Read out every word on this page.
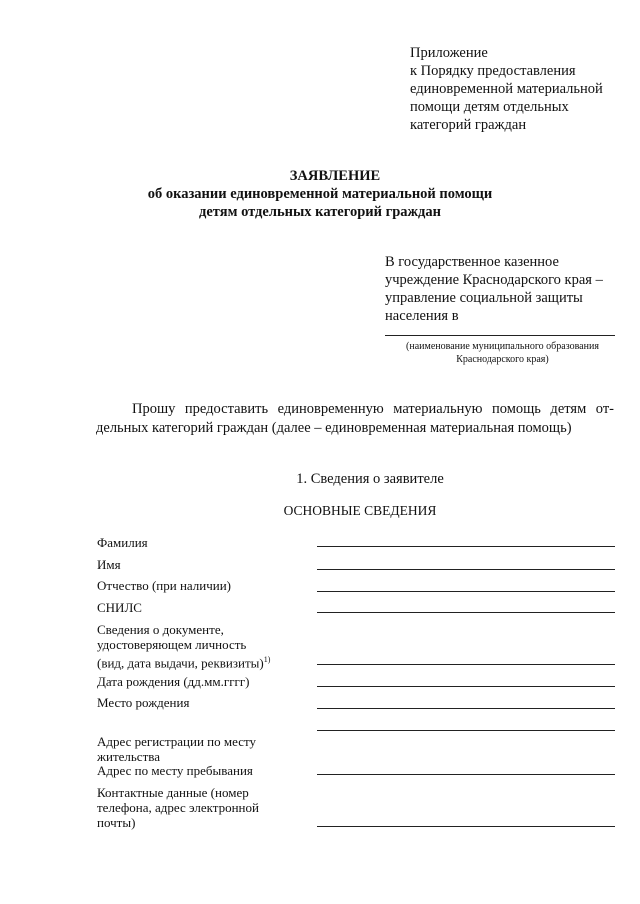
Приложение
к Порядку предоставления
единовременной материальной
помощи детям отдельных
категорий граждан
ЗАЯВЛЕНИЕ
об оказании единовременной материальной помощи
детям отдельных категорий граждан
В государственное казенное
учреждение Краснодарского края –
управление социальной защиты
населения в
(наименование муниципального образования
Краснодарского края)
Прошу предоставить единовременную материальную помощь детям от-
дельных категорий граждан (далее – единовременная материальная помощь)
1. Сведения о заявителе
ОСНОВНЫЕ СВЕДЕНИЯ
Фамилия
Имя
Отчество (при наличии)
СНИЛС
Сведения о документе,
удостоверяющем личность
(вид, дата выдачи, реквизиты)$^{1)}$
Дата рождения (дд.мм.гггг)
Место рождения
Адрес регистрации по месту
жительства
Адрес по месту пребывания
Контактные данные (номер
телефона, адрес электронной
почты)
